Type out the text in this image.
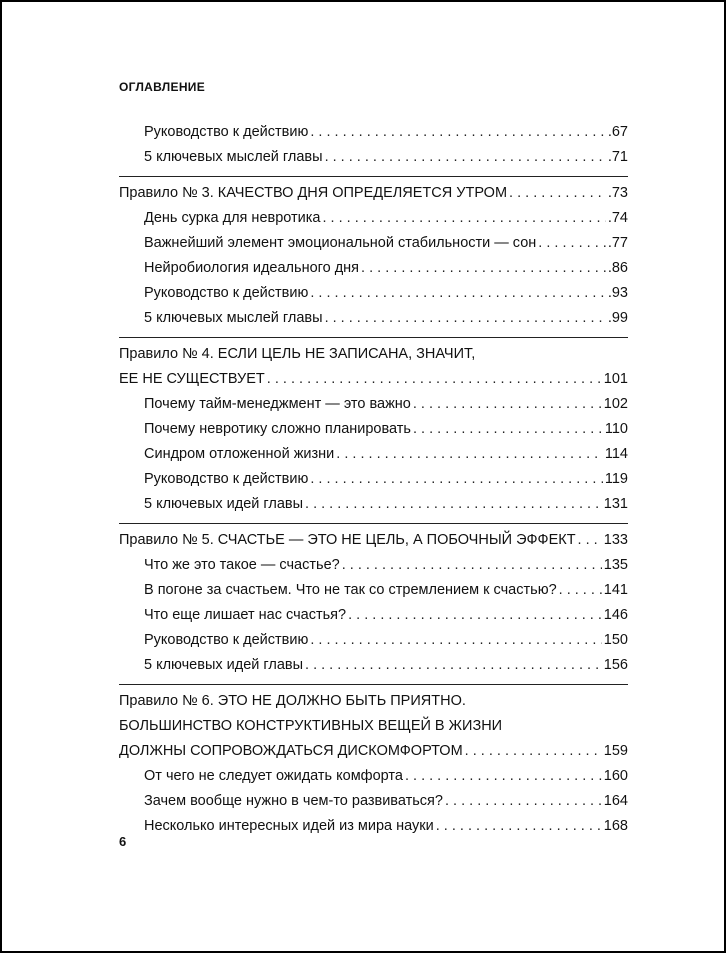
ОГЛАВЛЕНИЕ
Руководство к действию . . .	.67
5 ключевых мыслей главы . . .	.71
Правило № 3. КАЧЕСТВО ДНЯ ОПРЕДЕЛЯЕТСЯ УТРОМ . . .	.73
День сурка для невротика . . .	.74
Важнейший элемент эмоциональной стабильности — сон . . .	.77
Нейробиология идеального дня . . .	.86
Руководство к действию . . .	.93
5 ключевых мыслей главы . . .	.99
Правило № 4. ЕСЛИ ЦЕЛЬ НЕ ЗАПИСАНА, ЗНАЧИТ,
ЕЕ НЕ СУЩЕСТВУЕТ . . .	101
Почему тайм-менеджмент — это важно . . .	102
Почему невротику сложно планировать . . .	110
Синдром отложенной жизни . . .	114
Руководство к действию . . .	119
5 ключевых идей главы . . .	131
Правило № 5. СЧАСТЬЕ — ЭТО НЕ ЦЕЛЬ, А ПОБОЧНЫЙ ЭФФЕКТ . . . 133
Что же это такое — счастье? . . .	135
В погоне за счастьем. Что не так со стремлением к счастью? . . .	141
Что еще лишает нас счастья? . . .	146
Руководство к действию . . .	150
5 ключевых идей главы . . .	156
Правило № 6. ЭТО НЕ ДОЛЖНО БЫТЬ ПРИЯТНО.
БОЛЬШИНСТВО КОНСТРУКТИВНЫХ ВЕЩЕЙ В ЖИЗНИ
ДОЛЖНЫ СОПРОВОЖДАТЬСЯ ДИСКОМФОРТОМ . . .	159
От чего не следует ожидать комфорта . . .	160
Зачем вообще нужно в чем-то развиваться? . . .	164
Несколько интересных идей из мира науки . . .	168
6
